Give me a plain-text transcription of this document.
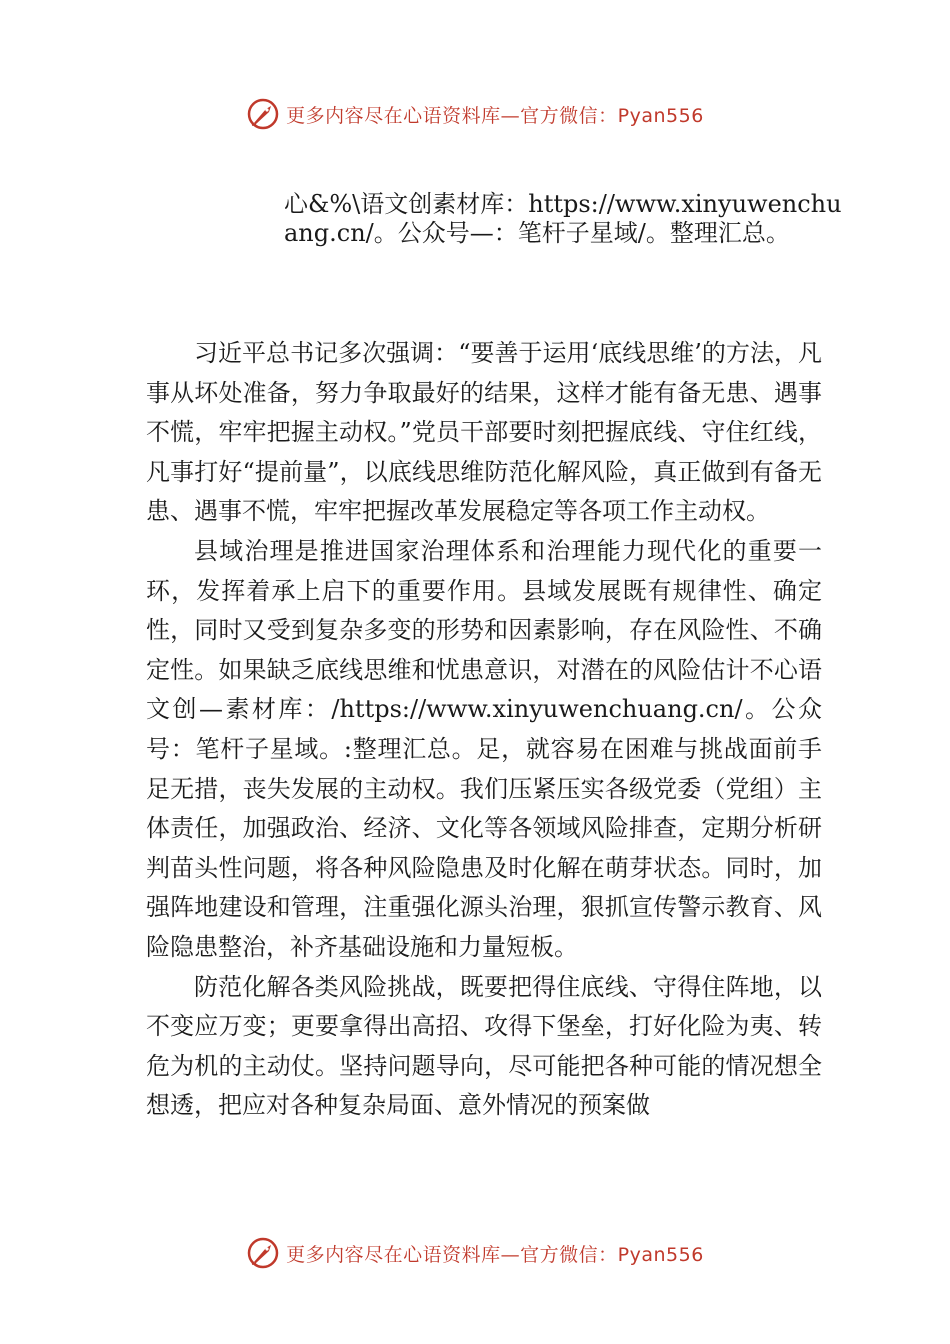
更多内容尽在心语资料库—官方微信：Pyan556
心&%\语文创素材库：https://www.xinyuwenchuang.cn/。公众号—：笔杆子星域/。整理汇总。

习近平总书记多次强调：“要善于运用‘底线思维’的方法，凡事从坏处准备，努力争取最好的结果，这样才能有备无患、遇事不慌，牢牢把握主动权。”党员干部要时刻把握底线、守住红线，凡事打好“提前量”，以底线思维防范化解风险，真正做到有备无患、遇事不慌，牢牢把握改革发展稳定等各项工作主动权。

县域治理是推进国家治理体系和治理能力现代化的重要一环，发挥着承上启下的重要作用。县域发展既有规律性、确定性，同时又受到复杂多变的形势和因素影响，存在风险性、不确定性。如果缺乏底线思维和忧患意识，对潜在的风险估计不心语文创—素材库：/https://www.xinyuwenchuang.cn/。公众号：笔杆子星域。:整理汇总。足，就容易在困难与挑战面前手足无措，丧失发展的主动权。我们压紧压实各级党委（党组）主体责任，加强政治、经济、文化等各领域风险排查，定期分析研判苗头性问题，将各种风险隐患及时化解在萌芽状态。同时，加强阵地建设和管理，注重强化源头治理，狠抓宣传警示教育、风险隐患整治，补齐基础设施和力量短板。

防范化解各类风险挑战，既要把得住底线、守得住阵地，以不变应万变；更要拿得出高招、攻得下堡垒，打好化险为夷、转危为机的主动仗。坚持问题导向，尽可能把各种可能的情况想全想透，把应对各种复杂局面、意外情况的预案做

更多内容尽在心语资料库—官方微信：Pyan556
